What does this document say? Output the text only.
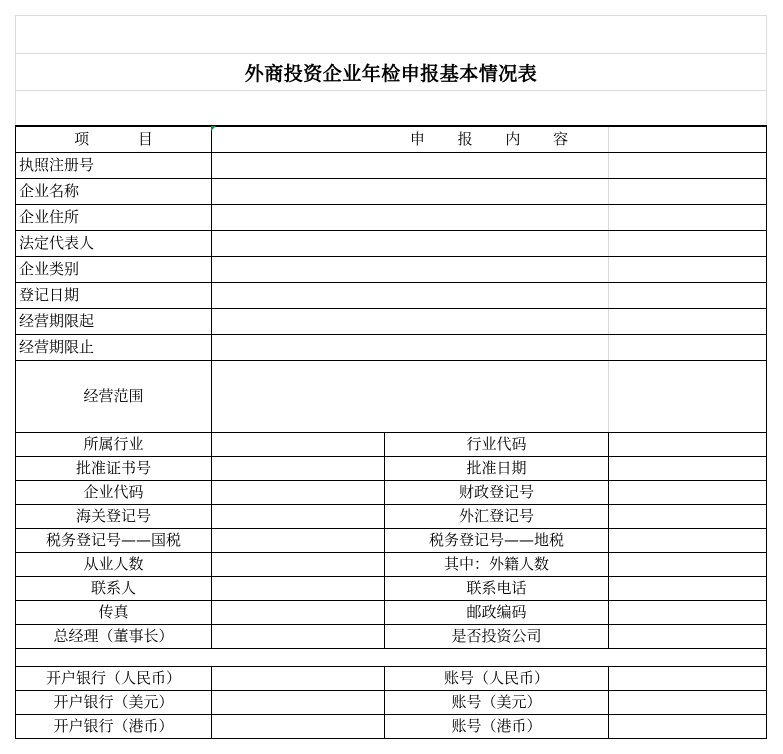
外商投资企业年检申报基本情况表
项 目	申 报 内 容
执照注册号
企业名称
企业住所
法定代表人
企业类别
登记日期
经营期限起
经营期限止
经营范围
所属行业	行业代码
批准证书号	批准日期
企业代码	财政登记号
海关登记号	外汇登记号
税务登记号——国税	税务登记号——地税
从业人数	其中：外籍人数
联系人	联系电话
传真	邮政编码
总经理（董事长）	是否投资公司
开户银行（人民币）	账号（人民币）
开户银行（美元）	账号（美元）
开户银行（港币）	账号（港币）
